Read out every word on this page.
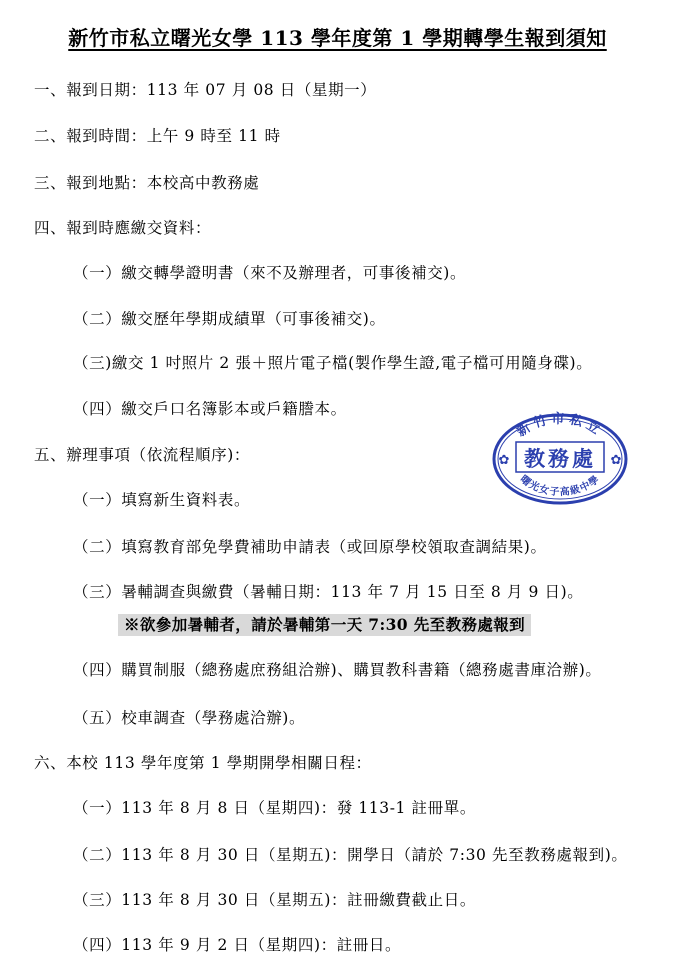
新竹市私立曙光女學 113 學年度第 1 學期轉學生報到須知
一、報到日期：113 年 07 月 08 日（星期一）
二、報到時間：上午 9 時至 11 時
三、報到地點：本校高中教務處
四、報到時應繳交資料：
（一）繳交轉學證明書（來不及辦理者，可事後補交)。
（二）繳交歷年學期成績單（可事後補交)。
（三)繳交 1 吋照片 2 張＋照片電子檔(製作學生證,電子檔可用隨身碟)。
（四）繳交戶口名簿影本或戶籍謄本。
五、辦理事項（依流程順序)：
（一）填寫新生資料表。
（二）填寫教育部免學費補助申請表（或回原學校領取查調結果)。
（三）暑輔調查與繳費（暑輔日期：113 年 7 月 15 日至 8 月 9 日)。
※欲參加暑輔者，請於暑輔第一天 7:30 先至教務處報到
（四）購買制服（總務處庶務組洽辦)、購買教科書籍（總務處書庫洽辦)。
（五）校車調查（學務處洽辦)。
六、本校 113 學年度第 1 學期開學相關日程：
（一）113 年 8 月 8 日（星期四)：發 113-1 註冊單。
（二）113 年 8 月 30 日（星期五)：開學日（請於 7:30 先至教務處報到)。
（三）113 年 8 月 30 日（星期五)：註冊繳費截止日。
（四）113 年 9 月 2 日（星期四)：註冊日。
✿	✿
新竹市私立
曙光女子高級中學
教務處
